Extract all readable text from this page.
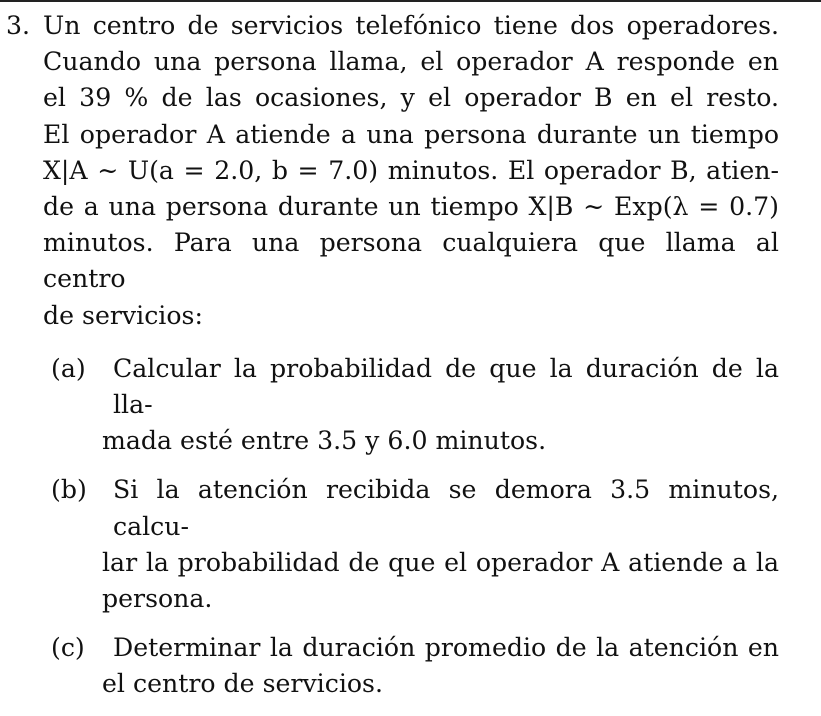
3. Un centro de servicios telefónico tiene dos operadores.
Cuando una persona llama, el operador A responde en
el 39 % de las ocasiones, y el operador B en el resto.
El operador A atiende a una persona durante un tiempo
X|A ∼ U(a = 2.0, b = 7.0) minutos. El operador B, atien-
de a una persona durante un tiempo X|B ∼ Exp(λ = 0.7)
minutos. Para una persona cualquiera que llama al centro
de servicios:
(a)	Calcular la probabilidad de que la duración de la lla-
mada esté entre 3.5 y 6.0 minutos.
(b)	Si la atención recibida se demora 3.5 minutos, calcu-
lar la probabilidad de que el operador A atiende a la
persona.
(c)	Determinar la duración promedio de la atención en
el centro de servicios.
